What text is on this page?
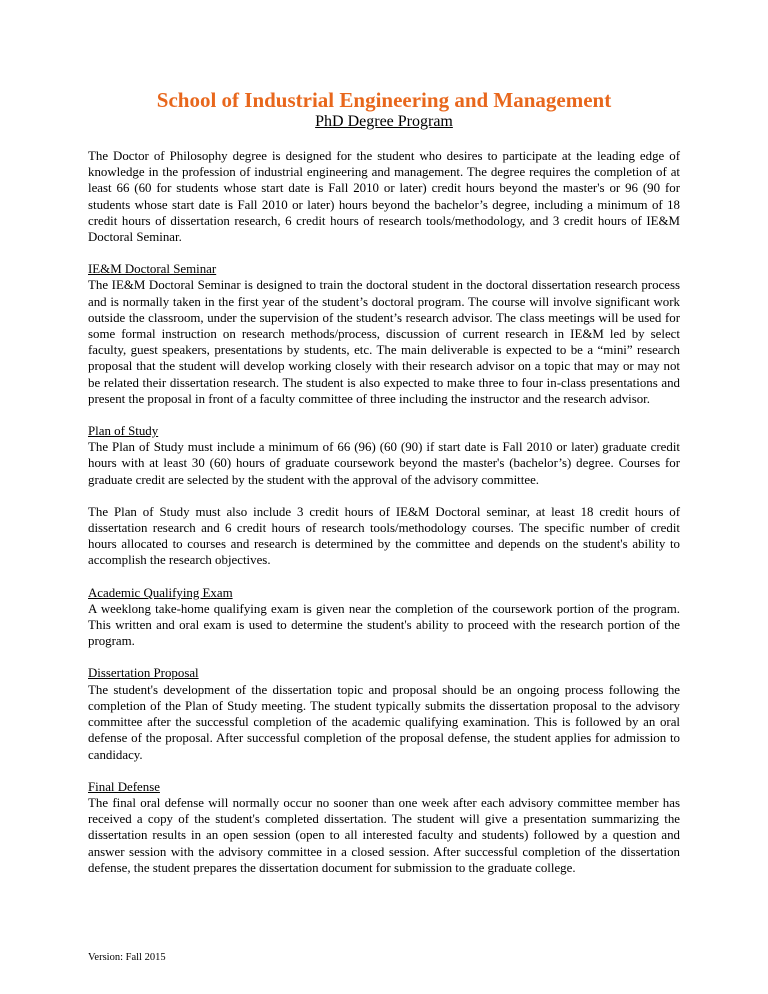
School of Industrial Engineering and Management
PhD Degree Program

The Doctor of Philosophy degree is designed for the student who desires to participate at the leading edge of knowledge in the profession of industrial engineering and management. The degree requires the completion of at least 66 (60 for students whose start date is Fall 2010 or later) credit hours beyond the master's or 96 (90 for students whose start date is Fall 2010 or later) hours beyond the bachelor’s degree, including a minimum of 18 credit hours of dissertation research, 6 credit hours of research tools/methodology, and 3 credit hours of IE&M Doctoral Seminar.

IE&M Doctoral Seminar

The IE&M Doctoral Seminar is designed to train the doctoral student in the doctoral dissertation research process and is normally taken in the first year of the student’s doctoral program. The course will involve significant work outside the classroom, under the supervision of the student’s research advisor. The class meetings will be used for some formal instruction on research methods/process, discussion of current research in IE&M led by select faculty, guest speakers, presentations by students, etc. The main deliverable is expected to be a “mini” research proposal that the student will develop working closely with their research advisor on a topic that may or may not be related their dissertation research. The student is also expected to make three to four in-class presentations and present the proposal in front of a faculty committee of three including the instructor and the research advisor.

Plan of Study

The Plan of Study must include a minimum of 66 (96) (60 (90) if start date is Fall 2010 or later) graduate credit hours with at least 30 (60) hours of graduate coursework beyond the master's (bachelor’s) degree. Courses for graduate credit are selected by the student with the approval of the advisory committee.

The Plan of Study must also include 3 credit hours of IE&M Doctoral seminar, at least 18 credit hours of dissertation research and 6 credit hours of research tools/methodology courses. The specific number of credit hours allocated to courses and research is determined by the committee and depends on the student's ability to accomplish the research objectives.

Academic Qualifying Exam

A weeklong take-home qualifying exam is given near the completion of the coursework portion of the program. This written and oral exam is used to determine the student's ability to proceed with the research portion of the program.

Dissertation Proposal

The student's development of the dissertation topic and proposal should be an ongoing process following the completion of the Plan of Study meeting. The student typically submits the dissertation proposal to the advisory committee after the successful completion of the academic qualifying examination. This is followed by an oral defense of the proposal. After successful completion of the proposal defense, the student applies for admission to candidacy.

Final Defense

The final oral defense will normally occur no sooner than one week after each advisory committee member has received a copy of the student's completed dissertation. The student will give a presentation summarizing the dissertation results in an open session (open to all interested faculty and students) followed by a question and answer session with the advisory committee in a closed session. After successful completion of the dissertation defense, the student prepares the dissertation document for submission to the graduate college.

Version: Fall 2015
